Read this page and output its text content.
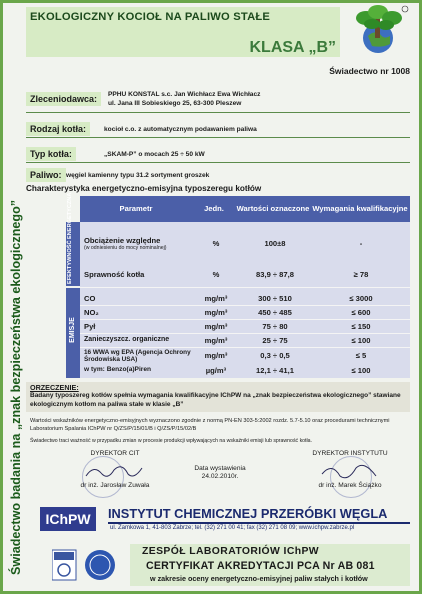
Świadectwo badania na „znak bezpieczeństwa ekologicznego”
EKOLOGICZNY KOCIOŁ NA PALIWO STAŁE
KLASA „B”
Świadectwo nr 1008
Zleceniodawca:	PPHU KONSTAL s.c. Jan Wichłacz Ewa Wichłacz
ul. Jana III Sobieskiego 25, 63-300 Pleszew
Rodzaj kotła:	kocioł c.o. z automatycznym podawaniem paliwa
Typ kotła:	„SKAM-P” o mocach 25 ÷ 50 kW
Paliwo: węgiel kamienny typu 31.2 sortyment groszek
Charakterystyka energetyczno-emisyjna typoszeregu kotłów
Parametr	Jedn.	Wartości oznaczone Wymagania kwalifikacyjne
EFEKTYWNOŚĆ ENERGETYCZNA
EMISJE
Obciążenie względne
(w odniesieniu do mocy nominalnej)	%	100±8	-
Sprawność kotła	%	83,9 ÷ 87,8	≥ 78
CO	mg/m³	300 ÷ 510	≤ 3000
NO₂	mg/m³	450 ÷ 485	≤ 600
Pył	mg/m³	75 ÷ 80	≤ 150
Zanieczyszcz. organiczne	mg/m³	25 ÷ 75	≤ 100
16 WWA wg EPA (Agencja Ochrony Środowiska USA)	mg/m³	0,3 ÷ 0,5	≤ 5
w tym: Benzo(a)Piren	µg/m³	12,1 ÷ 41,1	≤ 100
ORZECZENIE:
Badany typoszereg kotłów spełnia wymagania kwalifikacyjne IChPW na „znak bezpieczeństwa ekologicznego” stawiane ekologicznym kotłom na paliwa stałe w klasie „B”
Wartości wskaźników energetyczno-emisyjnych wyznaczono zgodnie z normą PN-EN 303-5:2002 rozdz. 5.7-5.10 oraz procedurami technicznymi Laboratorium Spalania IChPW nr Q/ZS/P/15/01/B i Q/ZS/P/15/02/B
Świadectwo traci ważność w przypadku zmian w procesie produkcji wpływających na wskaźniki emisji lub sprawność kotła.
DYREKTOR CIT
dr inż. Jarosław Zuwała
Data wystawienia
24.02.2010r.
DYREKTOR INSTYTUTU
dr inż. Marek Ściążko
IChPW	INSTYTUT CHEMICZNEJ PRZERÓBKI WĘGLA
ul. Zamkowa 1, 41-803 Zabrze; tel. (32) 271 00 41; fax (32) 271 08 09; www.ichpw.zabrze.pl
ZESPÓŁ LABORATORIÓW IChPW
CERTYFIKAT AKREDYTACJI PCA Nr AB 081
w zakresie oceny energetyczno-emisyjnej paliw stałych i kotłów
